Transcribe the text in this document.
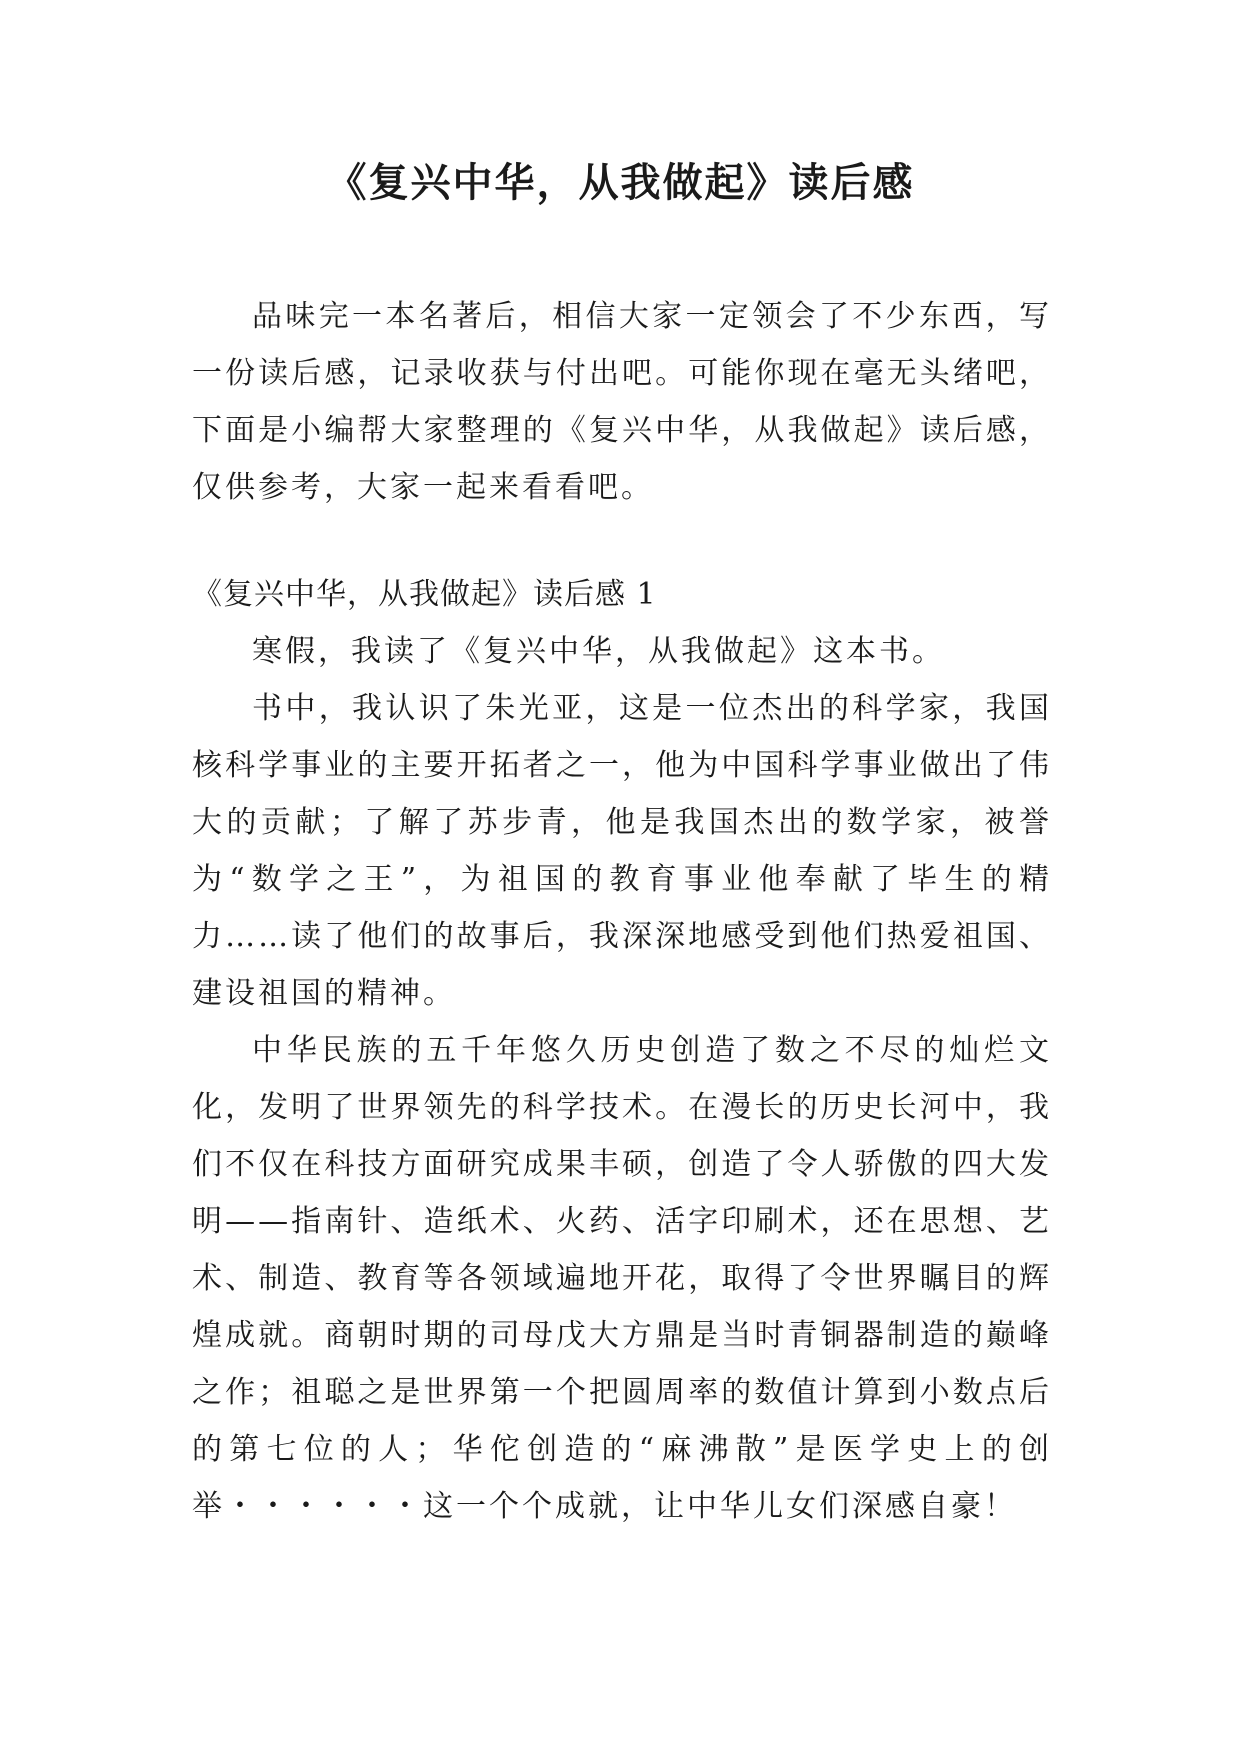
《复兴中华，从我做起》读后感

品味完一本名著后，相信大家一定领会了不少东西，写一份读后感，记录收获与付出吧。可能你现在毫无头绪吧，下面是小编帮大家整理的《复兴中华，从我做起》读后感，仅供参考，大家一起来看看吧。

《复兴中华，从我做起》读后感 1

寒假，我读了《复兴中华，从我做起》这本书。

书中，我认识了朱光亚，这是一位杰出的科学家，我国核科学事业的主要开拓者之一，他为中国科学事业做出了伟大的贡献；了解了苏步青，他是我国杰出的数学家，被誉为“数学之王”，为祖国的教育事业他奉献了毕生的精力……读了他们的故事后，我深深地感受到他们热爱祖国、建设祖国的精神。

中华民族的五千年悠久历史创造了数之不尽的灿烂文化，发明了世界领先的科学技术。在漫长的历史长河中，我们不仅在科技方面研究成果丰硕，创造了令人骄傲的四大发明——指南针、造纸术、火药、活字印刷术，还在思想、艺术、制造、教育等各领域遍地开花，取得了令世界瞩目的辉煌成就。商朝时期的司母戊大方鼎是当时青铜器制造的巅峰之作；祖聪之是世界第一个把圆周率的数值计算到小数点后的第七位的人；华佗创造的“麻沸散”是医学史上的创举・・・・・・这一个个成就，让中华儿女们深感自豪！
